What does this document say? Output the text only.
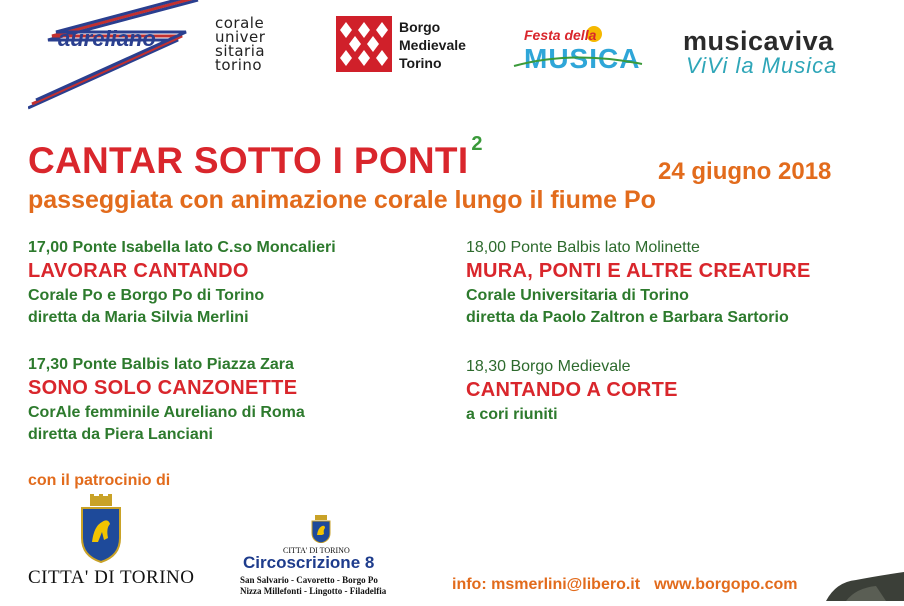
aureliano
corale
univer
sitaria
torino
Borgo
Medievale
Torino
Festa della
MUSICA
musicaviva
ViVi la Musica
CANTAR SOTTO I PONTI $^2$
24 giugno 2018
passeggiata con animazione corale lungo il fiume Po
17,00 Ponte Isabella lato C.so Moncalieri
LAVORAR CANTANDO
Corale Po e Borgo Po di Torino
diretta da Maria Silvia Merlini
18,00 Ponte Balbis lato Molinette
MURA, PONTI E ALTRE CREATURE
Corale Universitaria di Torino
diretta da Paolo Zaltron e Barbara Sartorio
17,30 Ponte Balbis lato Piazza Zara
SONO SOLO CANZONETTE
CorAle femminile Aureliano di Roma
diretta da Piera Lanciani
18,30 Borgo Medievale
CANTANDO A CORTE
a cori riuniti
con il patrocinio di
CITTA' DI TORINO
CITTA' DI TORINO
Circoscrizione 8
San Salvario - Cavoretto - Borgo Po
Nizza Millefonti - Lingotto - Filadelfia	info: msmerlini@libero.it www.borgopo.com
